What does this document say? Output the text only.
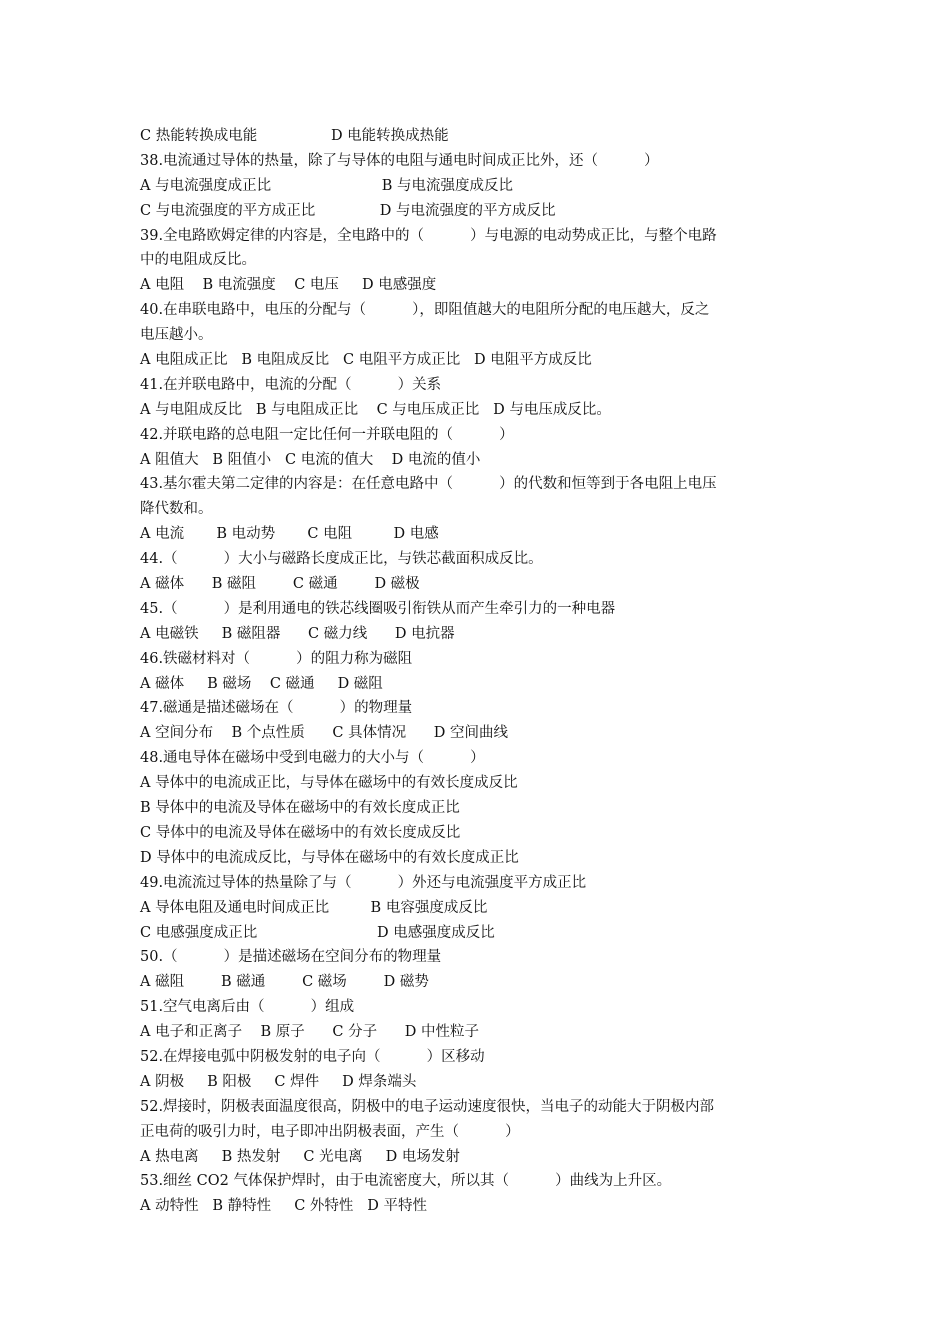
C 热能转换成电能                D 电能转换成热能
38.电流通过导体的热量，除了与导体的电阻与通电时间成正比外，还（          ）
A 与电流强度成正比                        B 与电流强度成反比
C 与电流强度的平方成正比              D 与电流强度的平方成反比
39.全电路欧姆定律的内容是，全电路中的（          ）与电源的电动势成正比，与整个电路
中的电阻成反比。
A 电阻    B 电流强度    C 电压     D 电感强度
40.在串联电路中，电压的分配与（          ），即阻值越大的电阻所分配的电压越大，反之
电压越小。
A 电阻成正比   B 电阻成反比   C 电阻平方成正比   D 电阻平方成反比
41.在并联电路中，电流的分配（          ）关系
A 与电阻成反比   B 与电阻成正比    C 与电压成正比   D 与电压成反比。
42.并联电路的总电阻一定比任何一并联电阻的（          ）
A 阻值大   B 阻值小   C 电流的值大    D 电流的值小
43.基尔霍夫第二定律的内容是：在任意电路中（          ）的代数和恒等到于各电阻上电压
降代数和。
A 电流       B 电动势       C 电阻         D 电感
44.（          ）大小与磁路长度成正比，与铁芯截面积成反比。
A 磁体      B 磁阻        C 磁通        D 磁极
45.（          ）是利用通电的铁芯线圈吸引衔铁从而产生牵引力的一种电器
A 电磁铁     B 磁阻器      C 磁力线      D 电抗器
46.铁磁材料对（          ）的阻力称为磁阻
A 磁体     B 磁场    C 磁通     D 磁阻
47.磁通是描述磁场在（          ）的物理量
A 空间分布    B 个点性质      C 具体情况      D 空间曲线
48.通电导体在磁场中受到电磁力的大小与（          ）
A 导体中的电流成正比，与导体在磁场中的有效长度成反比
B 导体中的电流及导体在磁场中的有效长度成正比
C 导体中的电流及导体在磁场中的有效长度成反比
D 导体中的电流成反比，与导体在磁场中的有效长度成正比
49.电流流过导体的热量除了与（          ）外还与电流强度平方成正比
A 导体电阻及通电时间成正比         B 电容强度成反比
C 电感强度成正比                          D 电感强度成反比
50.（          ）是描述磁场在空间分布的物理量
A 磁阻        B 磁通        C 磁场        D 磁势
51.空气电离后由（          ）组成
A 电子和正离子    B 原子      C 分子      D 中性粒子
52.在焊接电弧中阴极发射的电子向（          ）区移动
A 阴极     B 阳极     C 焊件     D 焊条端头
52.焊接时，阴极表面温度很高，阴极中的电子运动速度很快，当电子的动能大于阴极内部
正电荷的吸引力时，电子即冲出阴极表面，产生（          ）
A 热电离     B 热发射     C 光电离     D 电场发射
53.细丝 CO2 气体保护焊时，由于电流密度大，所以其（          ）曲线为上升区。
A 动特性   B 静特性     C 外特性   D 平特性
